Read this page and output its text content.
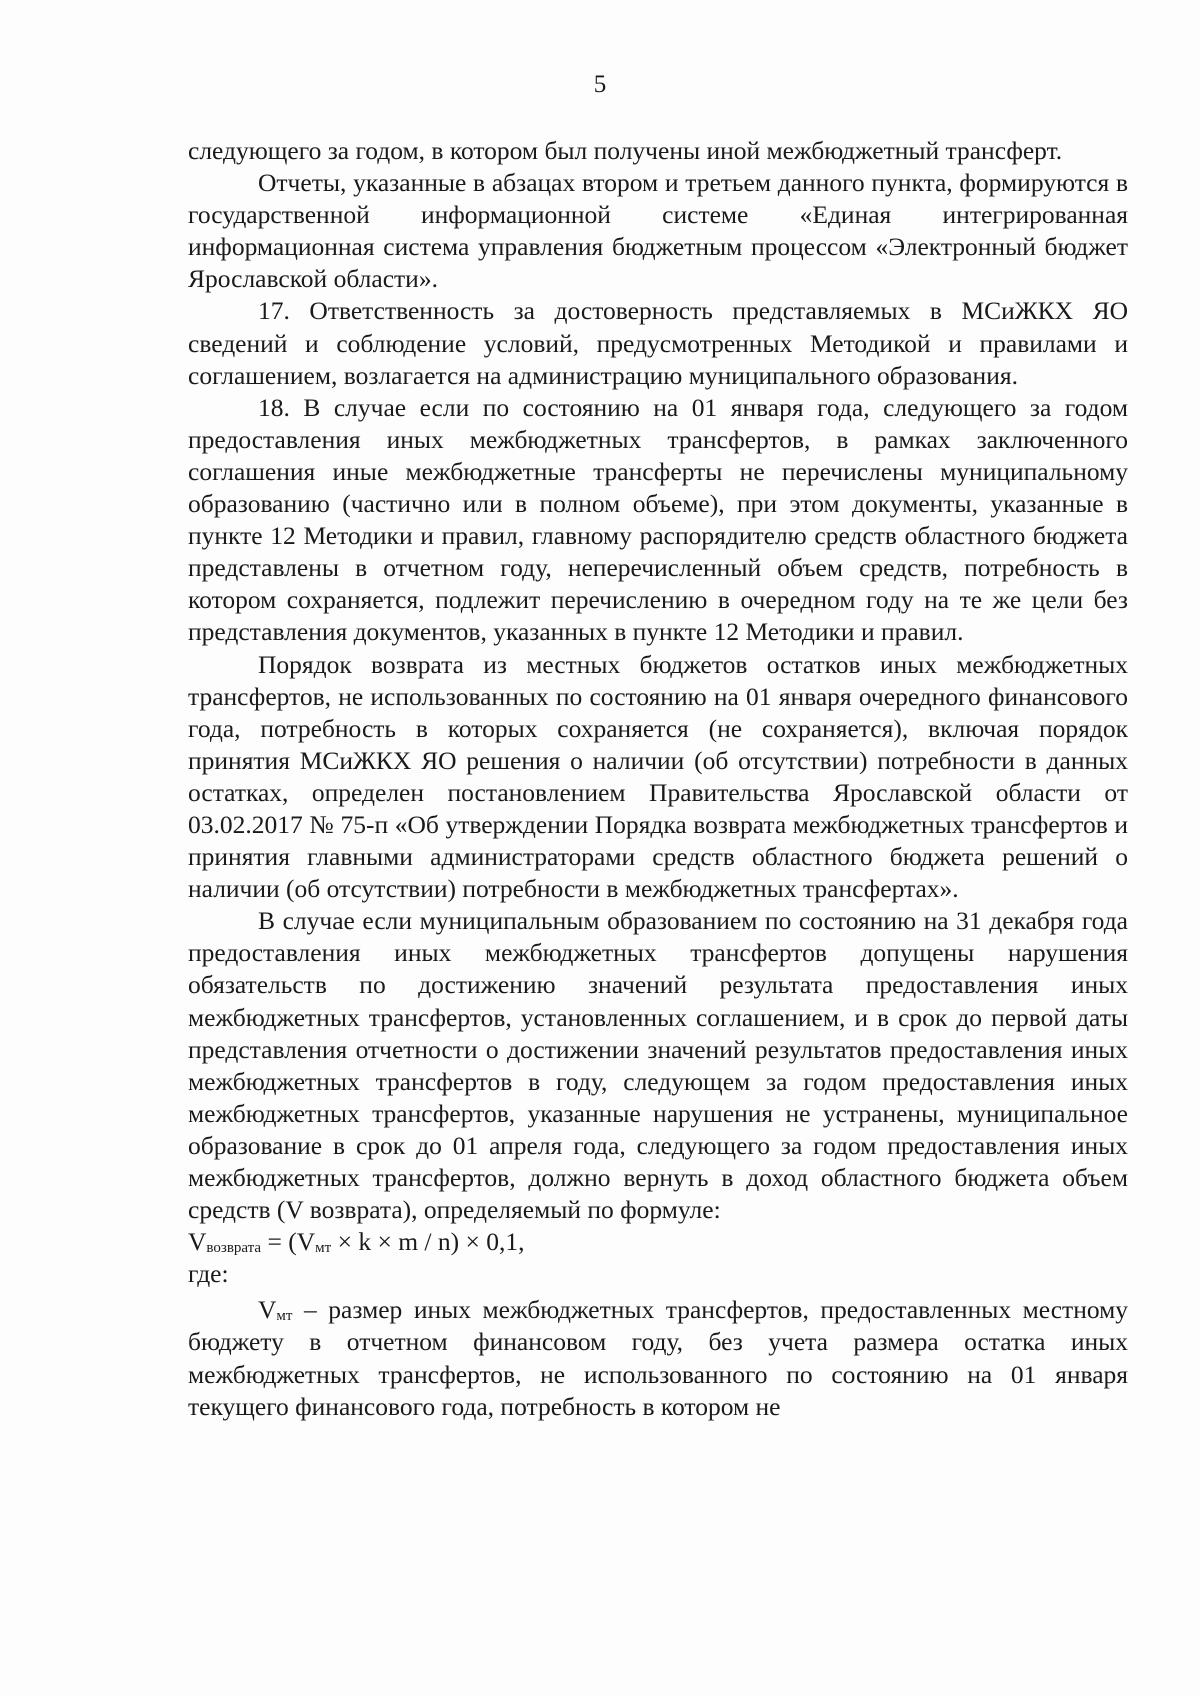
5

следующего за годом, в котором был получены иной межбюджетный трансферт.

Отчеты, указанные в абзацах втором и третьем данного пункта, формируются в государственной информационной системе «Единая интегрированная информационная система управления бюджетным процессом «Электронный бюджет Ярославской области».

17. Ответственность за достоверность представляемых в МСиЖКХ ЯО сведений и соблюдение условий, предусмотренных Методикой и правилами и соглашением, возлагается на администрацию муниципального образования.

18. В случае если по состоянию на 01 января года, следующего за годом предоставления иных межбюджетных трансфертов, в рамках заключенного соглашения иные межбюджетные трансферты не перечислены муниципальному образованию (частично или в полном объеме), при этом документы, указанные в пункте 12 Методики и правил, главному распорядителю средств областного бюджета представлены в отчетном году, неперечисленный объем средств, потребность в котором сохраняется, подлежит перечислению в очередном году на те же цели без представления документов, указанных в пункте 12 Методики и правил.

Порядок возврата из местных бюджетов остатков иных межбюджетных трансфертов, не использованных по состоянию на 01 января очередного финансового года, потребность в которых сохраняется (не сохраняется), включая порядок принятия МСиЖКХ ЯО решения о наличии (об отсутствии) потребности в данных остатках, определен постановлением Правительства Ярославской области от 03.02.2017 № 75-п «Об утверждении Порядка возврата межбюджетных трансфертов и принятия главными администраторами средств областного бюджета решений о наличии (об отсутствии) потребности в межбюджетных трансфертах».

В случае если муниципальным образованием по состоянию на 31 декабря года предоставления иных межбюджетных трансфертов допущены нарушения обязательств по достижению значений результата предоставления иных межбюджетных трансфертов, установленных соглашением, и в срок до первой даты представления отчетности о достижении значений результатов предоставления иных межбюджетных трансфертов в году, следующем за годом предоставления иных межбюджетных трансфертов, указанные нарушения не устранены, муниципальное образование в срок до 01 апреля года, следующего за годом предоставления иных межбюджетных трансфертов, должно вернуть в доход областного бюджета объем средств (V возврата), определяемый по формуле:

$V_{возврата} = (V_{мт} \times k \times m / n) \times 0,1$,

где:

$V_{мт}$ – размер иных межбюджетных трансфертов, предоставленных местному бюджету в отчетном финансовом году, без учета размера остатка иных межбюджетных трансфертов, не использованного по состоянию на 01 января текущего финансового года, потребность в котором не
